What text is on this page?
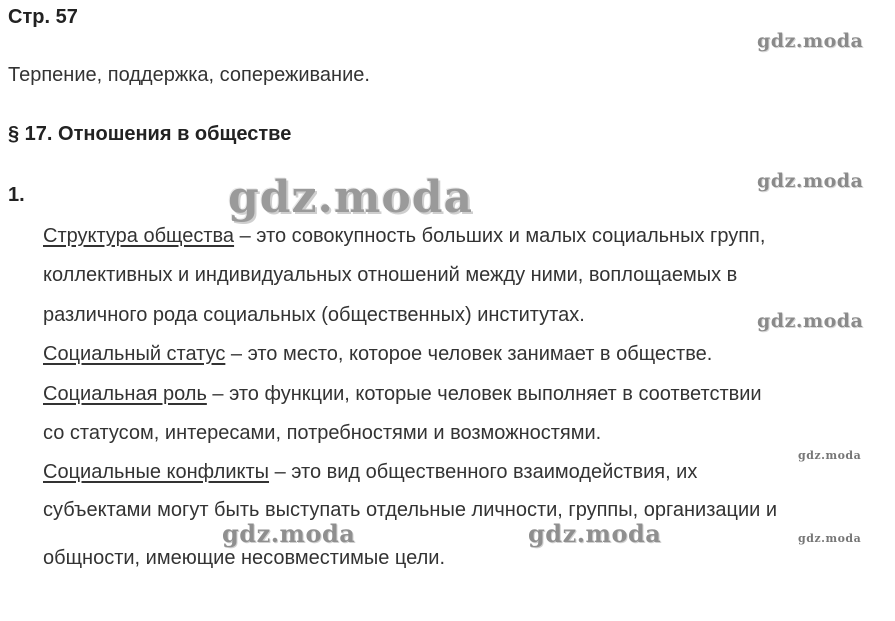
Стр. 57
gdz.moda
Терпение, поддержка, сопереживание.
§ 17. Отношения в обществе
1.	gdz.moda	gdz.moda
Структура общества – это совокупность больших и малых социальных групп,
коллективных и индивидуальных отношений между ними, воплощаемых в
различного рода социальных (общественных) институтах.	gdz.moda
Социальный статус – это место, которое человек занимает в обществе.
Социальная роль – это функции, которые человек выполняет в соответствии
со статусом, интересами, потребностями и возможностями.
gdz.moda
Социальные конфликты – это вид общественного взаимодействия, их
субъектами могут быть выступать отдельные личности, группы, организации и
gdz.moda	gdz.moda	gdz.moda
общности, имеющие несовместимые цели.
